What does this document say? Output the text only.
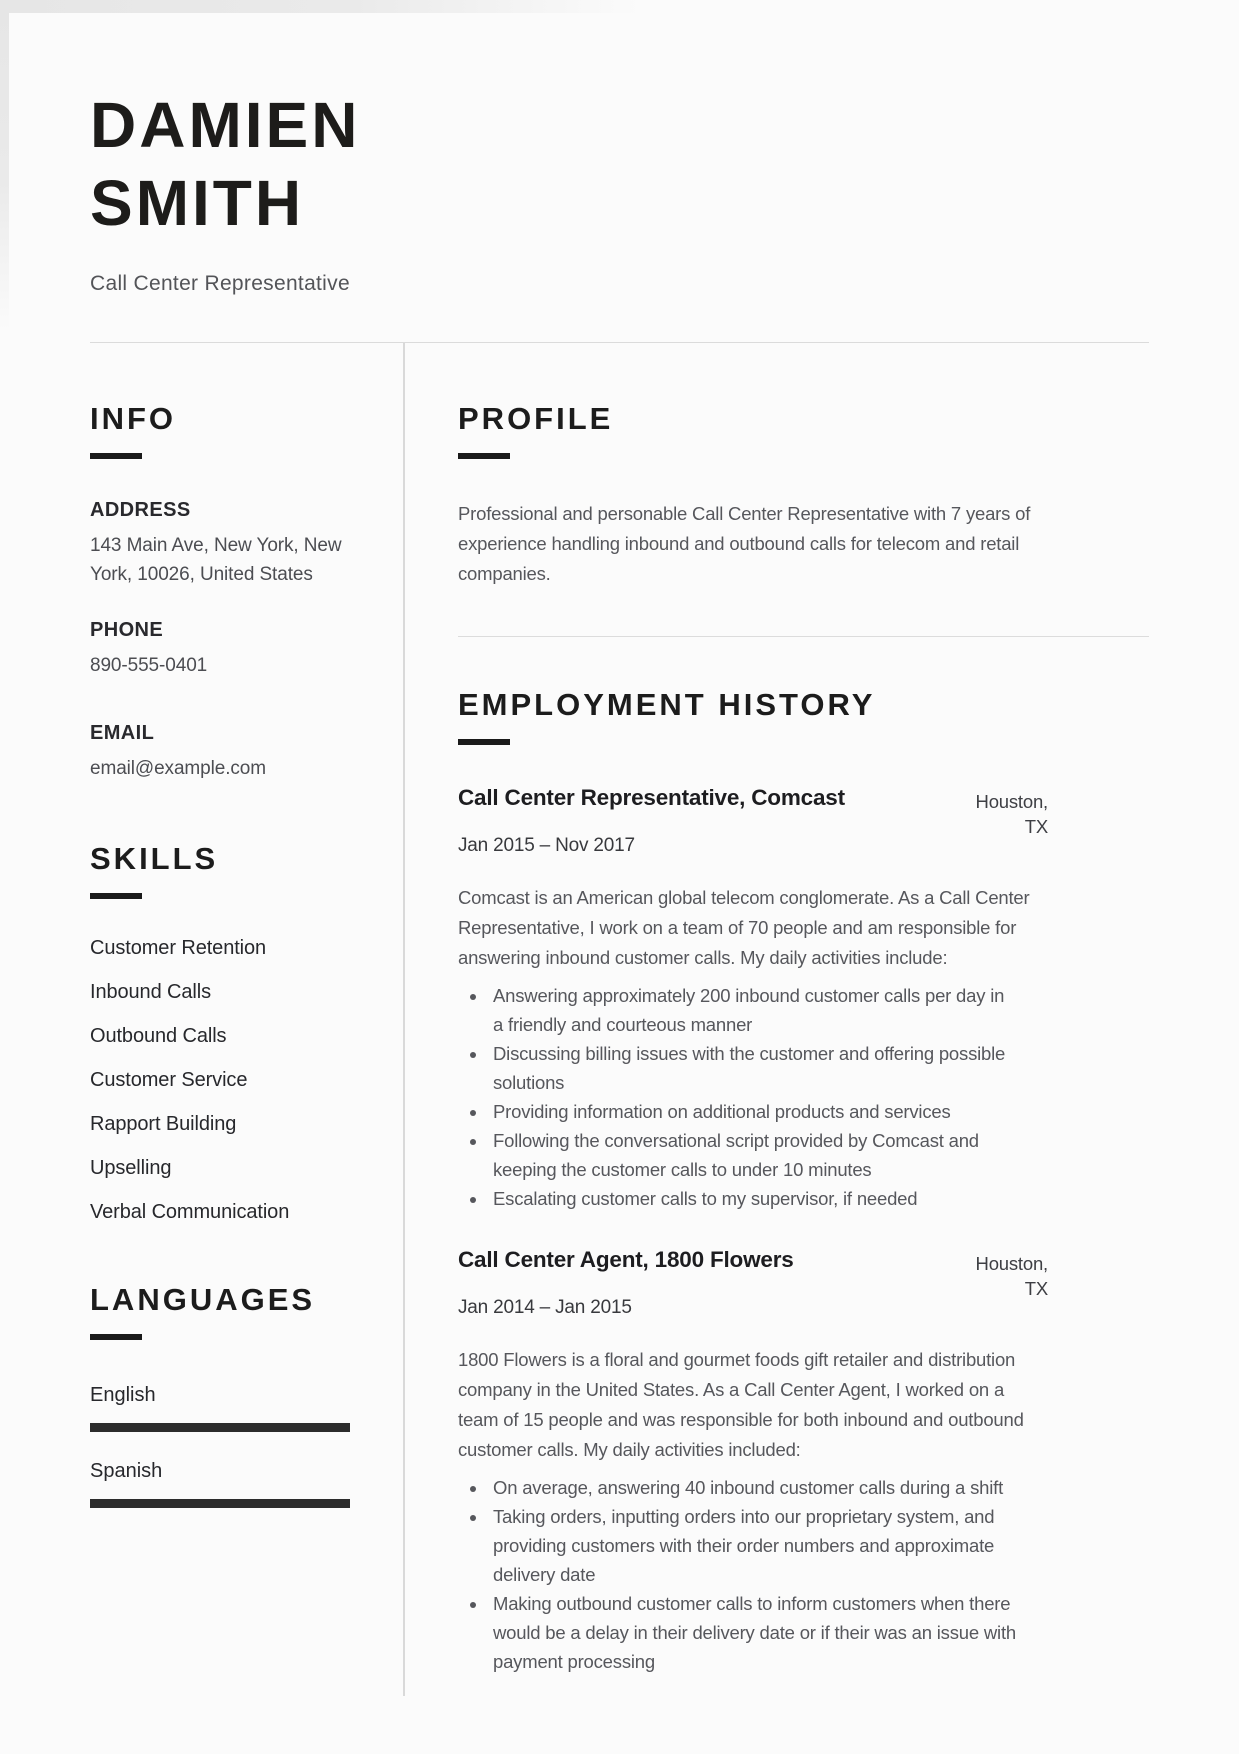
DAMIEN
SMITH
Call Center Representative
INFO
ADDRESS
143 Main Ave, New York, New York, 10026, United States
PHONE
890-555-0401
EMAIL
email@example.com
SKILLS
Customer Retention
Inbound Calls
Outbound Calls
Customer Service
Rapport Building
Upselling
Verbal Communication
LANGUAGES
English
Spanish
PROFILE

Professional and personable Call Center Representative with 7 years of experience handling inbound and outbound calls for telecom and retail companies.

EMPLOYMENT HISTORY
Call Center Representative, Comcast	Houston, TX
Jan 2015 – Nov 2017

Comcast is an American global telecom conglomerate. As a Call Center Representative, I work on a team of 70 people and am responsible for answering inbound customer calls. My daily activities include:

• Answering approximately 200 inbound customer calls per day in a friendly and courteous manner
• Discussing billing issues with the customer and offering possible solutions
• Providing information on additional products and services
• Following the conversational script provided by Comcast and keeping the customer calls to under 10 minutes
• Escalating customer calls to my supervisor, if needed
Call Center Agent, 1800 Flowers	Houston, TX
Jan 2014 – Jan 2015

1800 Flowers is a floral and gourmet foods gift retailer and distribution company in the United States. As a Call Center Agent, I worked on a team of 15 people and was responsible for both inbound and outbound customer calls. My daily activities included:

• On average, answering 40 inbound customer calls during a shift
• Taking orders, inputting orders into our proprietary system, and providing customers with their order numbers and approximate delivery date
• Making outbound customer calls to inform customers when there would be a delay in their delivery date or if their was an issue with payment processing
